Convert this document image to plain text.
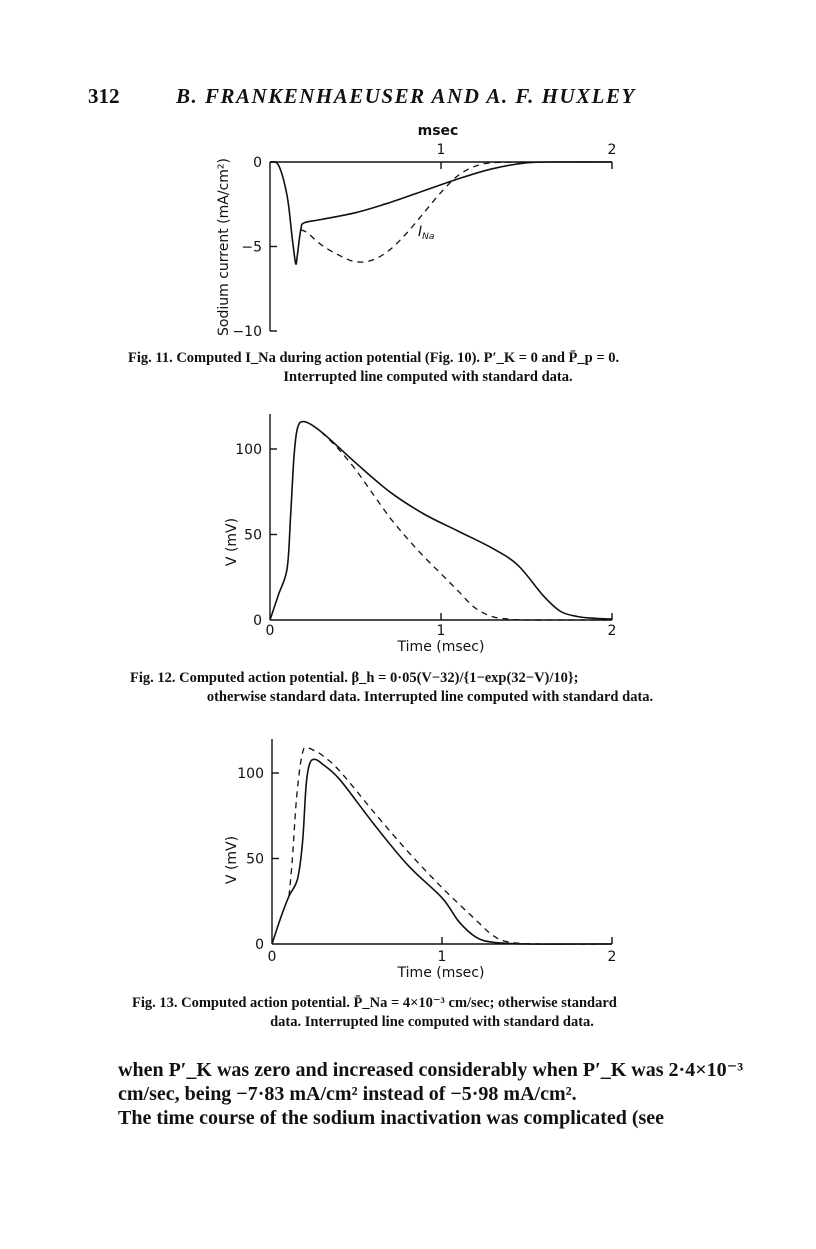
312	B. FRANKENHAEUSER AND A. F. HUXLEY
msec
Sodium current (mA/cm²) 0
−5
−10
1	2
$I_{Na}$
Fig. 11. Computed I_Na during action potential (Fig. 10). P′_K = 0 and P̄_p = 0.
Interrupted line computed with standard data.
V (mV)
Time (msec)
0
50
100
0	1	2
Fig. 12. Computed action potential. β_h = 0·05(V−32)/{1−exp(32−V)/10};
otherwise standard data. Interrupted line computed with standard data.
V (mV)
Time (msec)
0
50
100
0	1	2
Fig. 13. Computed action potential. P̄_Na = 4×10⁻³ cm/sec; otherwise standard
data. Interrupted line computed with standard data.

when P′_K was zero and increased considerably when P′_K was 2·4×10⁻³

cm/sec, being −7·83 mA/cm² instead of −5·98 mA/cm².

The time course of the sodium inactivation was complicated (see
